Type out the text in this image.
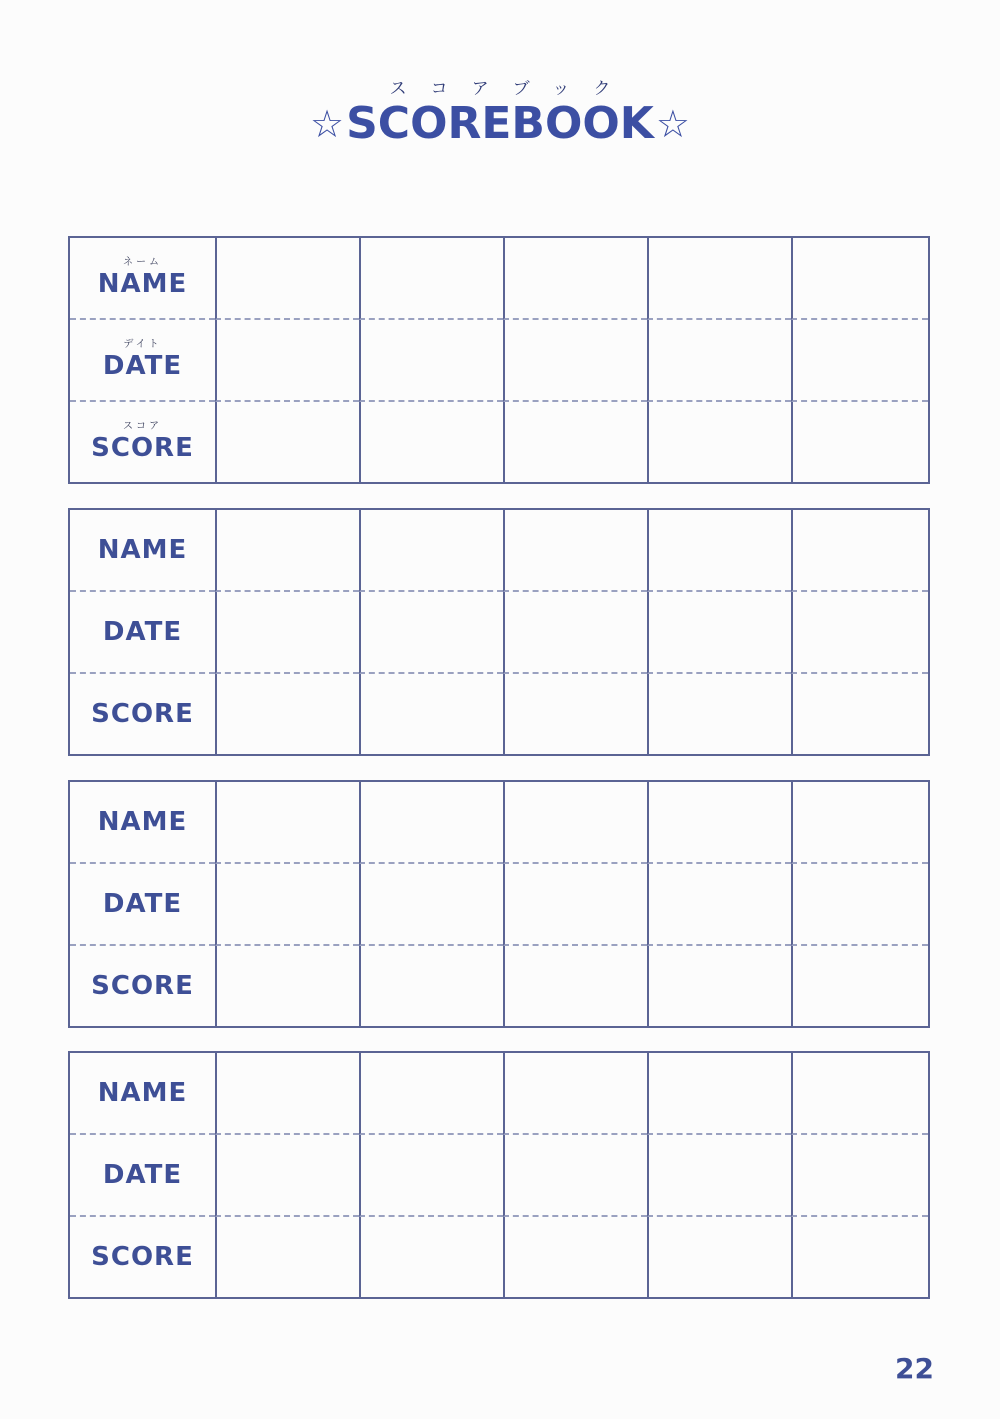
スコアブック
☆ SCOREBOOK ☆
ネーム
NAME
デイト
DATE
スコア
SCORE
NAME
DATE
SCORE
NAME
DATE
SCORE
NAME
DATE
SCORE
22
